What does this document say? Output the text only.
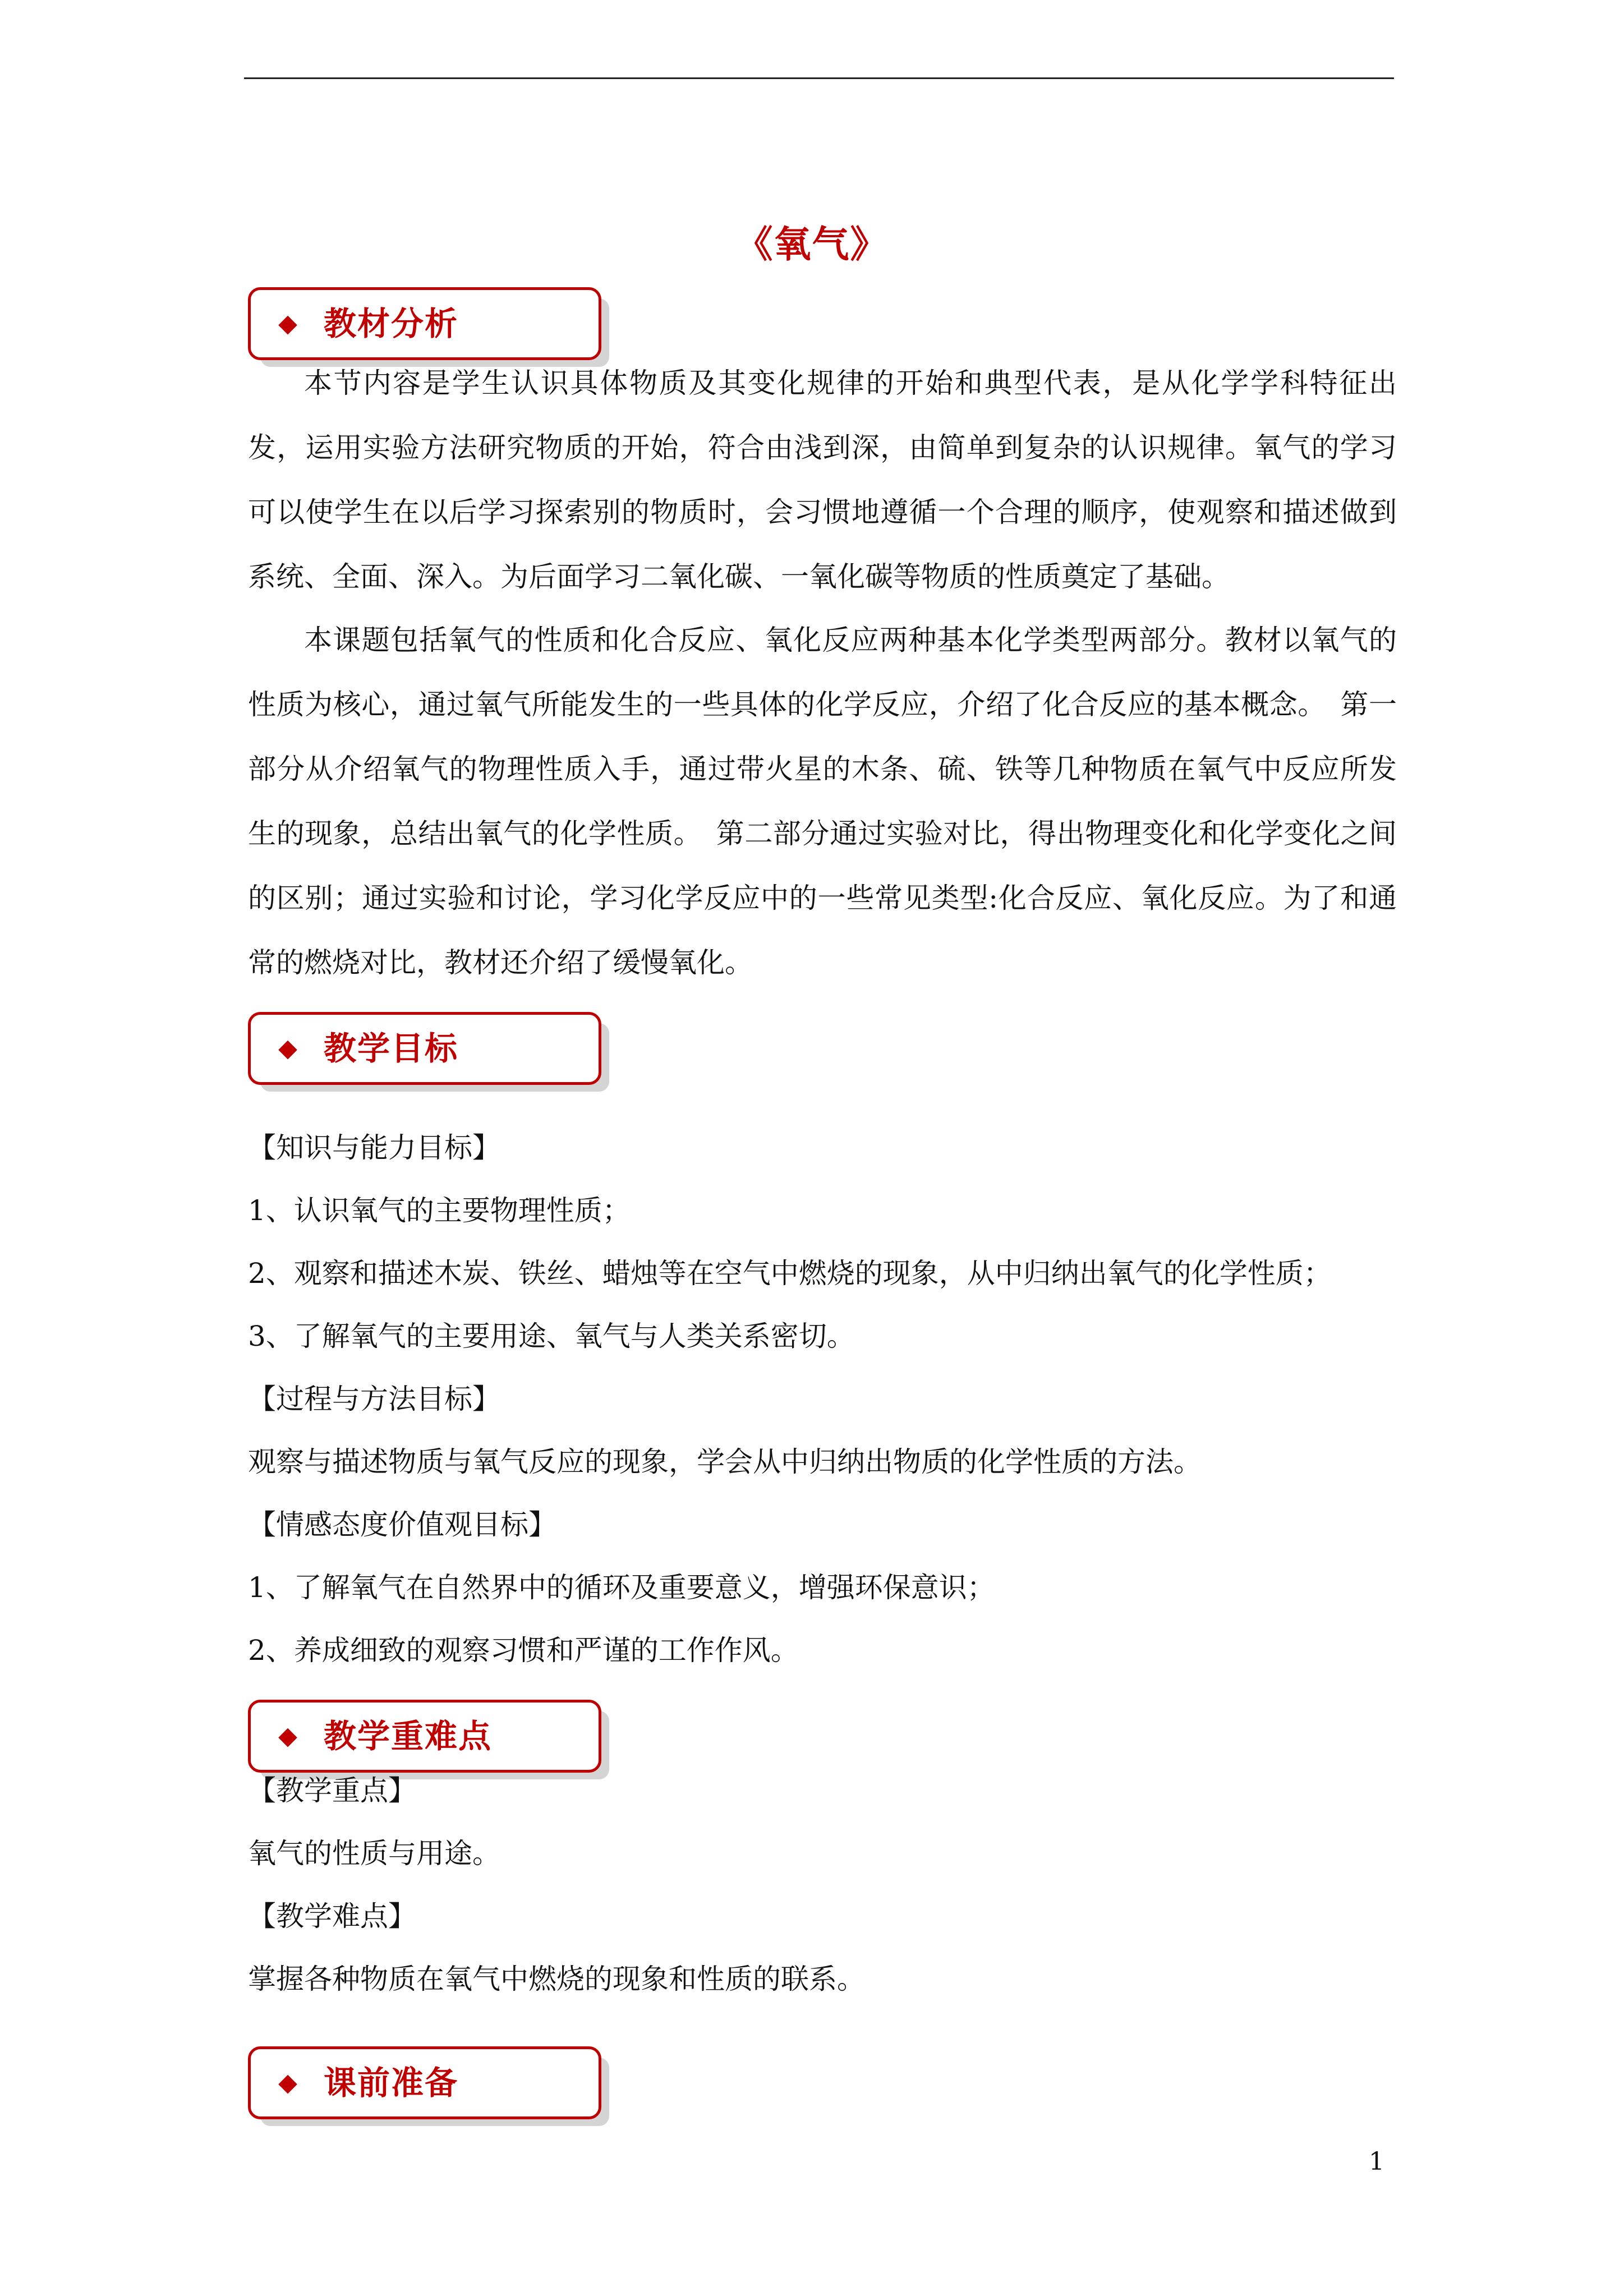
《氧气》
◆ 教材分析
本节内容是学生认识具体物质及其变化规律的开始和典型代表，是从化学学科特征出发，运用实验方法研究物质的开始，符合由浅到深，由简单到复杂的认识规律。氧气的学习可以使学生在以后学习探索别的物质时，会习惯地遵循一个合理的顺序，使观察和描述做到系统、全面、深入。为后面学习二氧化碳、一氧化碳等物质的性质奠定了基础。
本课题包括氧气的性质和化合反应、氧化反应两种基本化学类型两部分。教材以氧气的性质为核心，通过氧气所能发生的一些具体的化学反应，介绍了化合反应的基本概念。　第一部分从介绍氧气的物理性质入手，通过带火星的木条、硫、铁等几种物质在氧气中反应所发生的现象，总结出氧气的化学性质。　第二部分通过实验对比，得出物理变化和化学变化之间的区别；通过实验和讨论，学习化学反应中的一些常见类型:化合反应、氧化反应。为了和通常的燃烧对比，教材还介绍了缓慢氧化。
◆ 教学目标
【知识与能力目标】
1、认识氧气的主要物理性质；
2、观察和描述木炭、铁丝、蜡烛等在空气中燃烧的现象，从中归纳出氧气的化学性质；
3、了解氧气的主要用途、氧气与人类关系密切。
【过程与方法目标】
观察与描述物质与氧气反应的现象，学会从中归纳出物质的化学性质的方法。
【情感态度价值观目标】
1、了解氧气在自然界中的循环及重要意义，增强环保意识；
2、养成细致的观察习惯和严谨的工作作风。
◆ 教学重难点
【教学重点】
氧气的性质与用途。
【教学难点】
掌握各种物质在氧气中燃烧的现象和性质的联系。
◆ 课前准备
1
